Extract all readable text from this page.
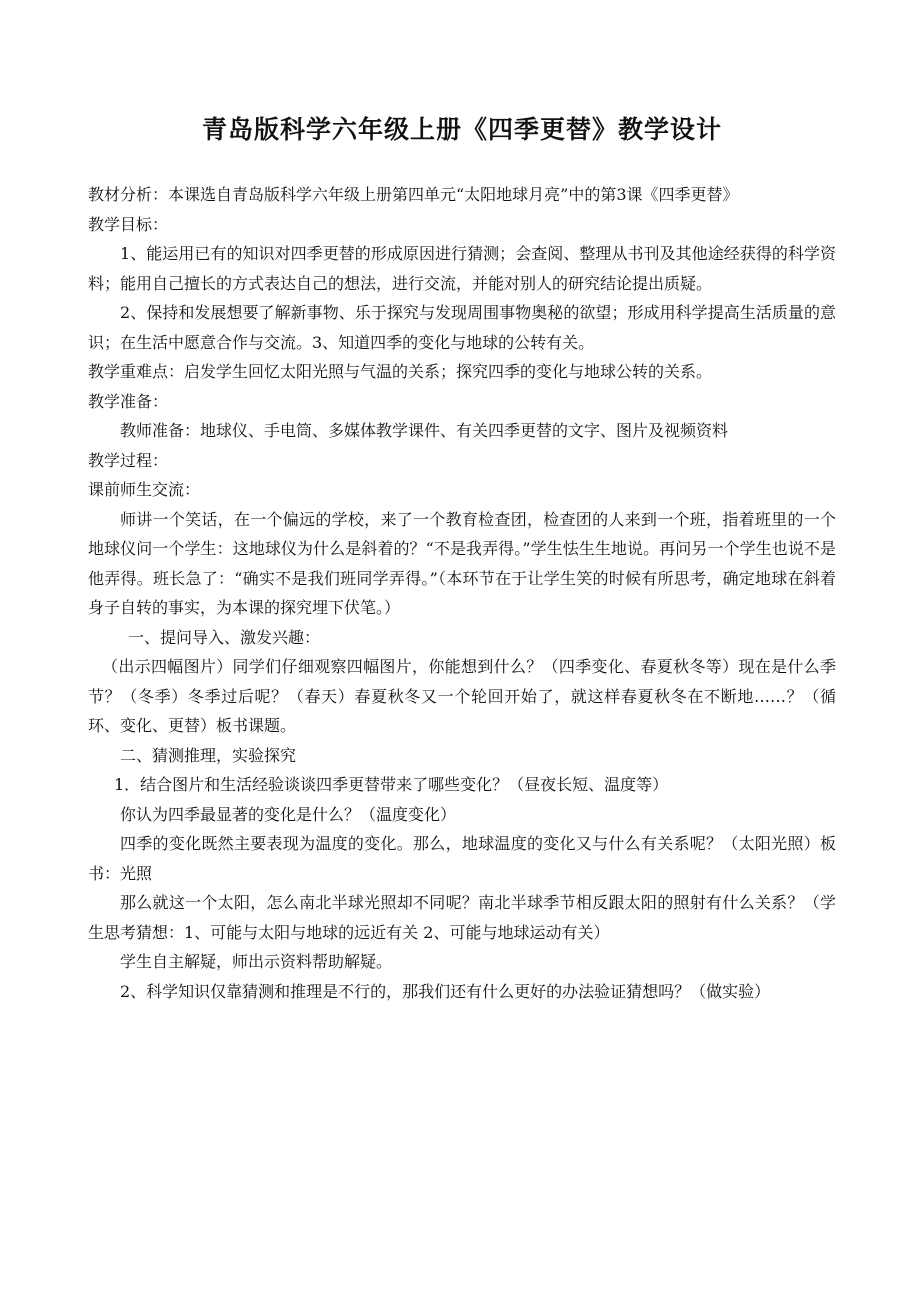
青岛版科学六年级上册《四季更替》教学设计

教材分析：本课选自青岛版科学六年级上册第四单元“太阳地球月亮”中的第3课《四季更替》

教学目标：

1、能运用已有的知识对四季更替的形成原因进行猜测；会查阅、整理从书刊及其他途经获得的科学资料；能用自己擅长的方式表达自己的想法，进行交流，并能对别人的研究结论提出质疑。

2、保持和发展想要了解新事物、乐于探究与发现周围事物奥秘的欲望；形成用科学提高生活质量的意识；在生活中愿意合作与交流。3、知道四季的变化与地球的公转有关。

教学重难点：启发学生回忆太阳光照与气温的关系；探究四季的变化与地球公转的关系。

教学准备：

教师准备：地球仪、手电筒、多媒体教学课件、有关四季更替的文字、图片及视频资料

教学过程：

课前师生交流：

师讲一个笑话，在一个偏远的学校，来了一个教育检查团，检查团的人来到一个班，指着班里的一个地球仪问一个学生：这地球仪为什么是斜着的？“不是我弄得。”学生怯生生地说。再问另一个学生也说不是他弄得。班长急了：“确实不是我们班同学弄得。”（本环节在于让学生笑的时候有所思考，确定地球在斜着身子自转的事实，为本课的探究埋下伏笔。）

一、提问导入、激发兴趣：

（出示四幅图片）同学们仔细观察四幅图片，你能想到什么？（四季变化、春夏秋冬等）现在是什么季节？（冬季）冬季过后呢？（春天）春夏秋冬又一个轮回开始了，就这样春夏秋冬在不断地……？（循环、变化、更替）板书课题。

二、猜测推理，实验探究

1．结合图片和生活经验谈谈四季更替带来了哪些变化？（昼夜长短、温度等）

你认为四季最显著的变化是什么？（温度变化）

四季的变化既然主要表现为温度的变化。那么，地球温度的变化又与什么有关系呢？（太阳光照）板书：光照

那么就这一个太阳，怎么南北半球光照却不同呢？南北半球季节相反跟太阳的照射有什么关系？（学生思考猜想：1、可能与太阳与地球的远近有关 2、可能与地球运动有关）

学生自主解疑，师出示资料帮助解疑。

2、科学知识仅靠猜测和推理是不行的，那我们还有什么更好的办法验证猜想吗？（做实验）
